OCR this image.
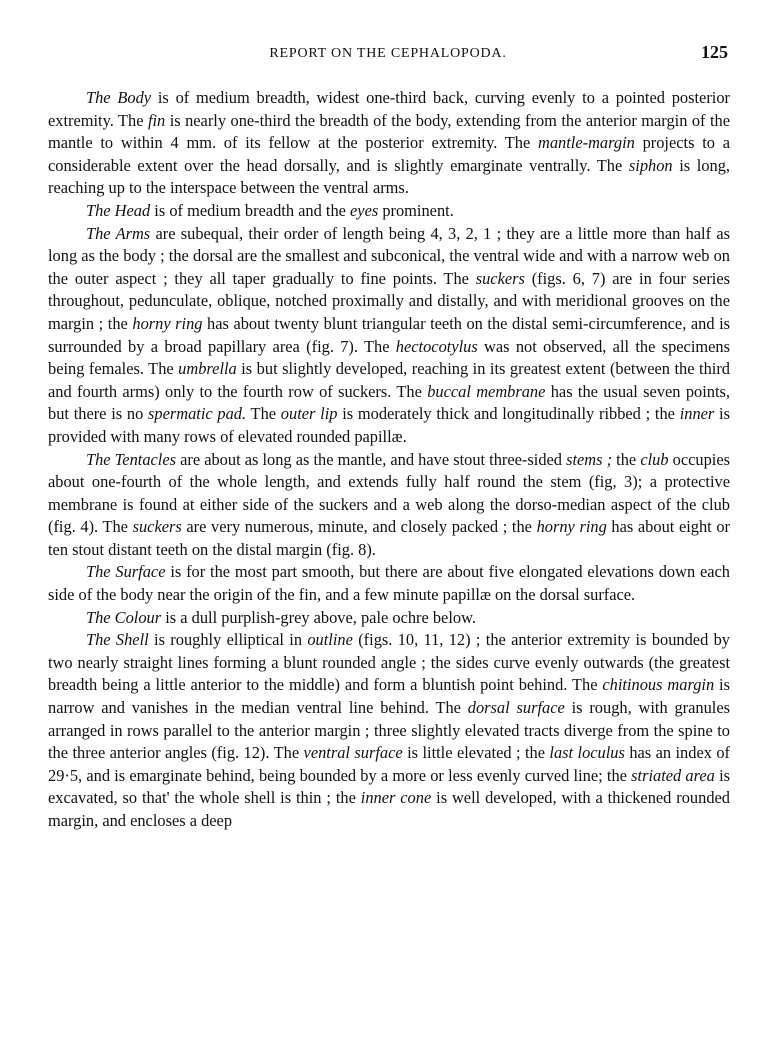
REPORT ON THE CEPHALOPODA.	125

The Body is of medium breadth, widest one-third back, curving evenly to a pointed posterior extremity. The fin is nearly one-third the breadth of the body, extending from the anterior margin of the mantle to within 4 mm. of its fellow at the posterior extremity. The mantle-margin projects to a considerable extent over the head dorsally, and is slightly emarginate ventrally. The siphon is long, reaching up to the interspace between the ventral arms.

The Head is of medium breadth and the eyes prominent.

The Arms are subequal, their order of length being 4, 3, 2, 1 ; they are a little more than half as long as the body ; the dorsal are the smallest and subconical, the ventral wide and with a narrow web on the outer aspect ; they all taper gradually to fine points. The suckers (figs. 6, 7) are in four series throughout, pedunculate, oblique, notched proximally and distally, and with meridional grooves on the margin ; the horny ring has about twenty blunt triangular teeth on the distal semi-circumference, and is surrounded by a broad papillary area (fig. 7). The hectocotylus was not observed, all the specimens being females. The umbrella is but slightly developed, reaching in its greatest extent (between the third and fourth arms) only to the fourth row of suckers. The buccal membrane has the usual seven points, but there is no spermatic pad. The outer lip is moderately thick and longitudinally ribbed ; the inner is provided with many rows of elevated rounded papillæ.

The Tentacles are about as long as the mantle, and have stout three-sided stems ; the club occupies about one-fourth of the whole length, and extends fully half round the stem (fig, 3); a protective membrane is found at either side of the suckers and a web along the dorso-median aspect of the club (fig. 4). The suckers are very numerous, minute, and closely packed ; the horny ring has about eight or ten stout distant teeth on the distal margin (fig. 8).

The Surface is for the most part smooth, but there are about five elongated elevations down each side of the body near the origin of the fin, and a few minute papillæ on the dorsal surface.

The Colour is a dull purplish-grey above, pale ochre below.

The Shell is roughly elliptical in outline (figs. 10, 11, 12) ; the anterior extremity is bounded by two nearly straight lines forming a blunt rounded angle ; the sides curve evenly outwards (the greatest breadth being a little anterior to the middle) and form a bluntish point behind. The chitinous margin is narrow and vanishes in the median ventral line behind. The dorsal surface is rough, with granules arranged in rows parallel to the anterior margin ; three slightly elevated tracts diverge from the spine to the three anterior angles (fig. 12). The ventral surface is little elevated ; the last loculus has an index of 29·5, and is emarginate behind, being bounded by a more or less evenly curved line; the striated area is excavated, so that' the whole shell is thin ; the inner cone is well developed, with a thickened rounded margin, and encloses a deep
